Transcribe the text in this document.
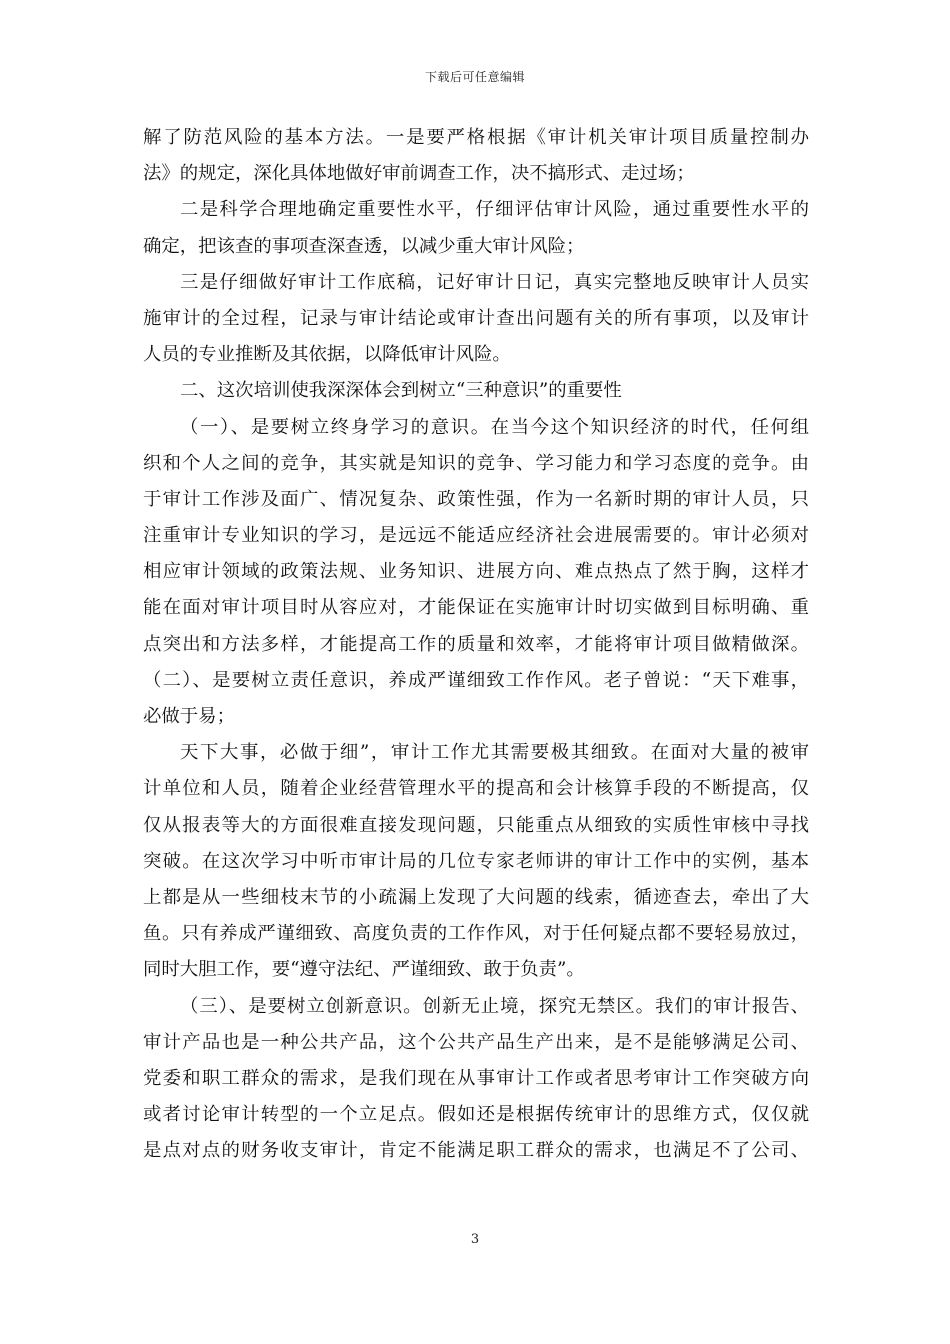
下载后可任意编辑
解了防范风险的基本方法。一是要严格根据《审计机关审计项目质量控制办
法》的规定，深化具体地做好审前调查工作，决不搞形式、走过场；
二是科学合理地确定重要性水平，仔细评估审计风险，通过重要性水平的
确定，把该查的事项查深查透，以减少重大审计风险；
三是仔细做好审计工作底稿，记好审计日记，真实完整地反映审计人员实
施审计的全过程，记录与审计结论或审计查出问题有关的所有事项，以及审计
人员的专业推断及其依据，以降低审计风险。
二、这次培训使我深深体会到树立“三种意识”的重要性
（一）、是要树立终身学习的意识。在当今这个知识经济的时代，任何组
织和个人之间的竞争，其实就是知识的竞争、学习能力和学习态度的竞争。由
于审计工作涉及面广、情况复杂、政策性强，作为一名新时期的审计人员，只
注重审计专业知识的学习，是远远不能适应经济社会进展需要的。审计必须对
相应审计领域的政策法规、业务知识、进展方向、难点热点了然于胸，这样才
能在面对审计项目时从容应对，才能保证在实施审计时切实做到目标明确、重
点突出和方法多样，才能提高工作的质量和效率，才能将审计项目做精做深。
（二）、是要树立责任意识，养成严谨细致工作作风。老子曾说：“天下难事，
必做于易；
天下大事，必做于细”，审计工作尤其需要极其细致。在面对大量的被审
计单位和人员，随着企业经营管理水平的提高和会计核算手段的不断提高，仅
仅从报表等大的方面很难直接发现问题，只能重点从细致的实质性审核中寻找
突破。在这次学习中听市审计局的几位专家老师讲的审计工作中的实例，基本
上都是从一些细枝末节的小疏漏上发现了大问题的线索，循迹查去，牵出了大
鱼。只有养成严谨细致、高度负责的工作作风，对于任何疑点都不要轻易放过，
同时大胆工作，要“遵守法纪、严谨细致、敢于负责”。
（三）、是要树立创新意识。创新无止境，探究无禁区。我们的审计报告、
审计产品也是一种公共产品，这个公共产品生产出来，是不是能够满足公司、
党委和职工群众的需求，是我们现在从事审计工作或者思考审计工作突破方向
或者讨论审计转型的一个立足点。假如还是根据传统审计的思维方式，仅仅就
是点对点的财务收支审计，肯定不能满足职工群众的需求，也满足不了公司、
3
